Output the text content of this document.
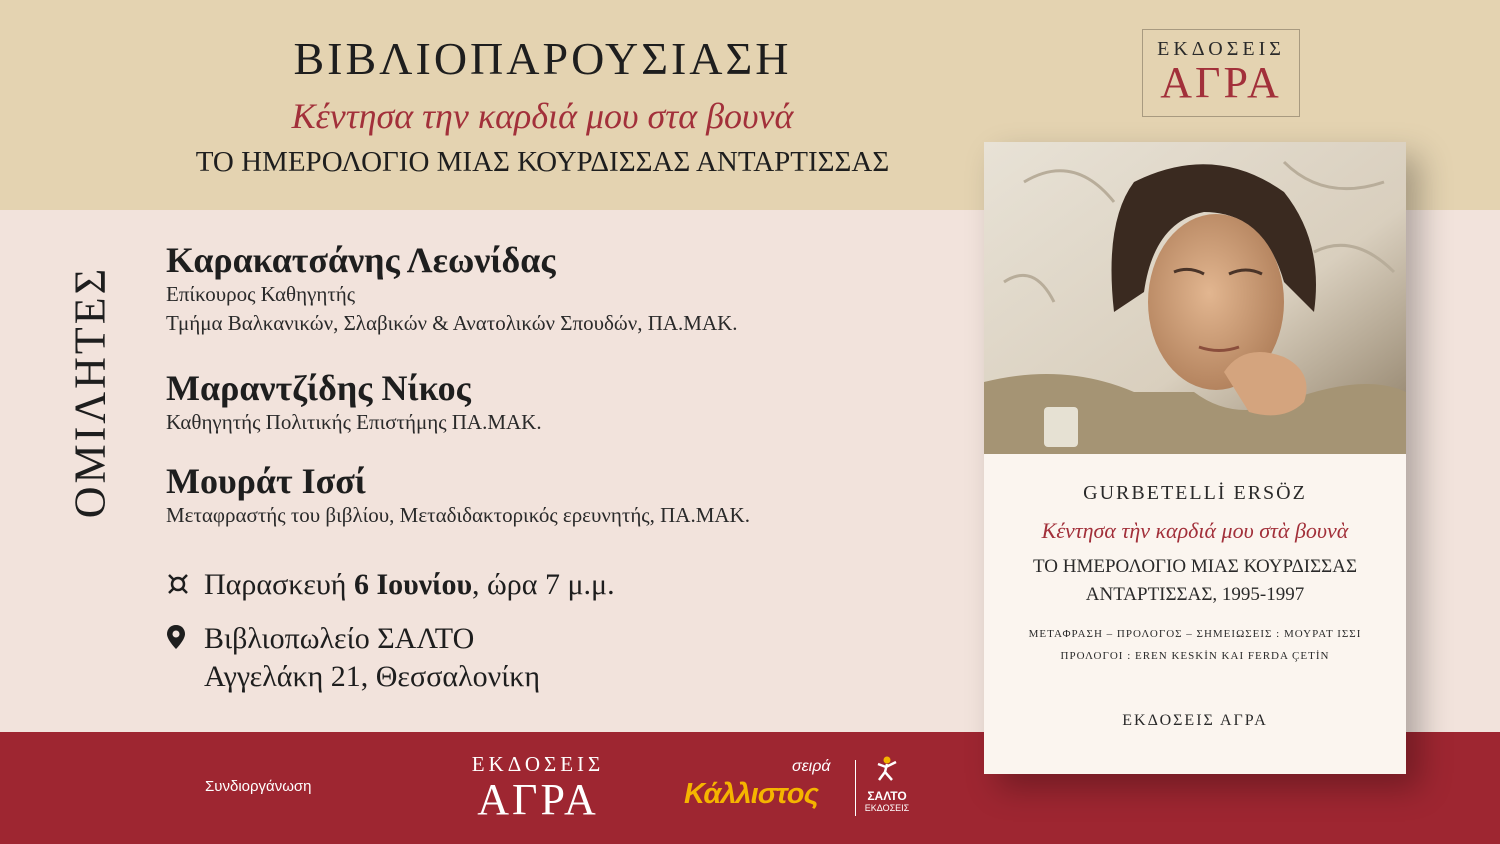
ΒΙΒΛΙΟΠΑΡΟΥΣΙΑΣΗ
Κέντησα την καρδιά μου στα βουνά
ΤΟ ΗΜΕΡΟΛΟΓΙΟ ΜΙΑΣ ΚΟΥΡΔΙΣΣΑΣ ΑΝΤΑΡΤΙΣΣΑΣ
ΕΚΔΟΣΕΙΣ
ΑΓΡΑ
ΟΜΙΛΗΤΕΣ
Καρακατσάνης Λεωνίδας
Επίκουρος Καθηγητής
Τμήμα Βαλκανικών, Σλαβικών & Ανατολικών Σπουδών, ΠΑ.ΜΑΚ.
Μαραντζίδης Νίκος
Καθηγητής Πολιτικής Επιστήμης ΠΑ.ΜΑΚ.
Μουράτ Ισσί
Μεταφραστής του βιβλίου, Μεταδιδακτορικός ερευνητής, ΠΑ.ΜΑΚ.
Παρασκευή 6 Ιουνίου, ώρα 7 μ.μ.
Βιβλιοπωλείο ΣΑΛΤΟ
Αγγελάκη 21, Θεσσαλονίκη
GURBETELLİ ERSÖZ
Κέντησα τὴν καρδιά μου στὰ βουνὰ
ΤΟ ΗΜΕΡΟΛΟΓΙΟ ΜΙΑΣ ΚΟΥΡΔΙΣΣΑΣ
ΑΝΤΑΡΤΙΣΣΑΣ, 1995-1997
ΜΕΤΑΦΡΑΣΗ – ΠΡΟΛΟΓΟΣ – ΣΗΜΕΙΩΣΕΙΣ : ΜΟΥΡΑΤ ΙΣΣΙ
ΠΡΟΛΟΓΟΙ : EREN KESKİN ΚΑΙ FERDA ÇETİN
ΕΚΔΟΣΕΙΣ ΑΓΡΑ
Συνδιοργάνωση
ΕΚΔΟΣΕΙΣ
ΑΓΡΑ
σειρά
Κάλλιστος	ΣΑΛΤΟ
ΕΚΔΟΣΕΙΣ
